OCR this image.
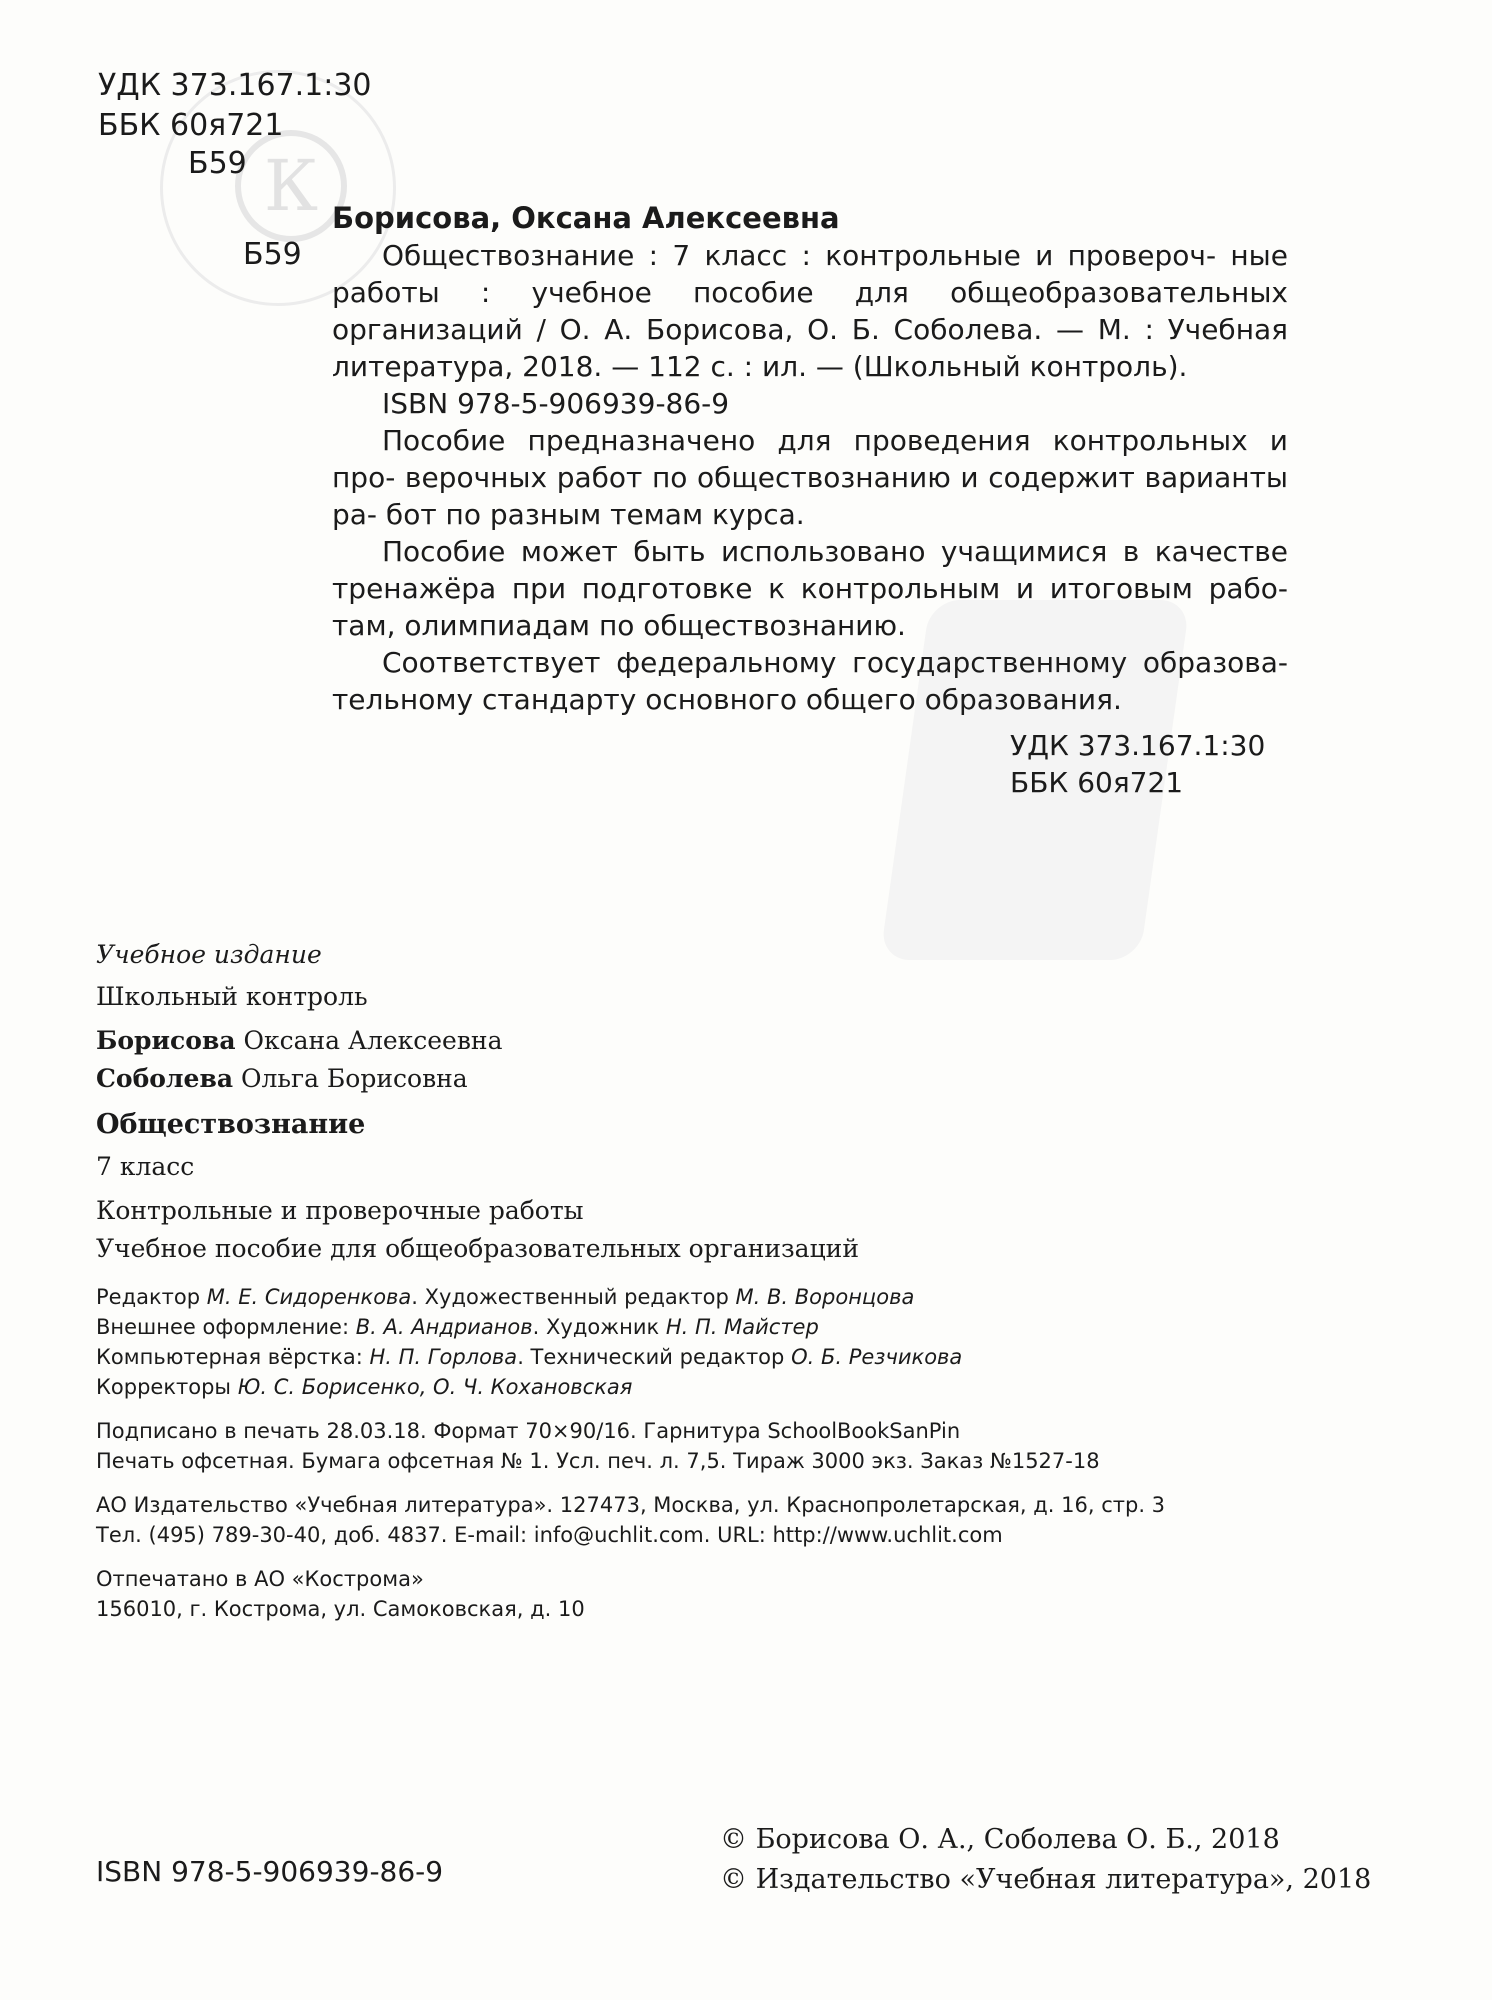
К
УДК 373.167.1:30
ББК 60я721
Б59
Б59
Борисова, Оксана Алексеевна

Обществознание : 7 класс : контрольные и провероч- ные работы : учебное пособие для общеобразовательных организаций / О. А. Борисова, О. Б. Соболева. — М. : Учебная литература, 2018. — 112 с. : ил. — (Школьный контроль).

ISBN 978-5-906939-86-9

Пособие предназначено для проведения контрольных и про- верочных работ по обществознанию и содержит варианты ра- бот по разным темам курса.

Пособие может быть использовано учащимися в качестве тренажёра при подготовке к контрольным и итоговым рабо- там, олимпиадам по обществознанию.

Соответствует федеральному государственному образова- тельному стандарту основного общего образования.

УДК 373.167.1:30
ББК 60я721
Учебное издание
Школьный контроль
Борисова Оксана Алексеевна
Соболева Ольга Борисовна
Обществознание
7 класс
Контрольные и проверочные работы
Учебное пособие для общеобразовательных организаций
Редактор М. Е. Сидоренкова. Художественный редактор М. В. Воронцова
Внешнее оформление: В. А. Андрианов. Художник Н. П. Майстер
Компьютерная вёрстка: Н. П. Горлова. Технический редактор О. Б. Резчикова
Корректоры Ю. С. Борисенко, О. Ч. Кохановская
Подписано в печать 28.03.18. Формат 70×90/16. Гарнитура SchoolBookSanPin
Печать офсетная. Бумага офсетная № 1. Усл. печ. л. 7,5. Тираж 3000 экз. Заказ №1527-18
АО Издательство «Учебная литература». 127473, Москва, ул. Краснопролетарская, д. 16, стр. 3
Тел. (495) 789-30-40, доб. 4837. E-mail: info@uchlit.com. URL: http://www.uchlit.com
Отпечатано в АО «Кострома»
156010, г. Кострома, ул. Самоковская, д. 10
ISBN 978-5-906939-86-9
© Борисова О. А., Соболева О. Б., 2018
© Издательство «Учебная литература», 2018
